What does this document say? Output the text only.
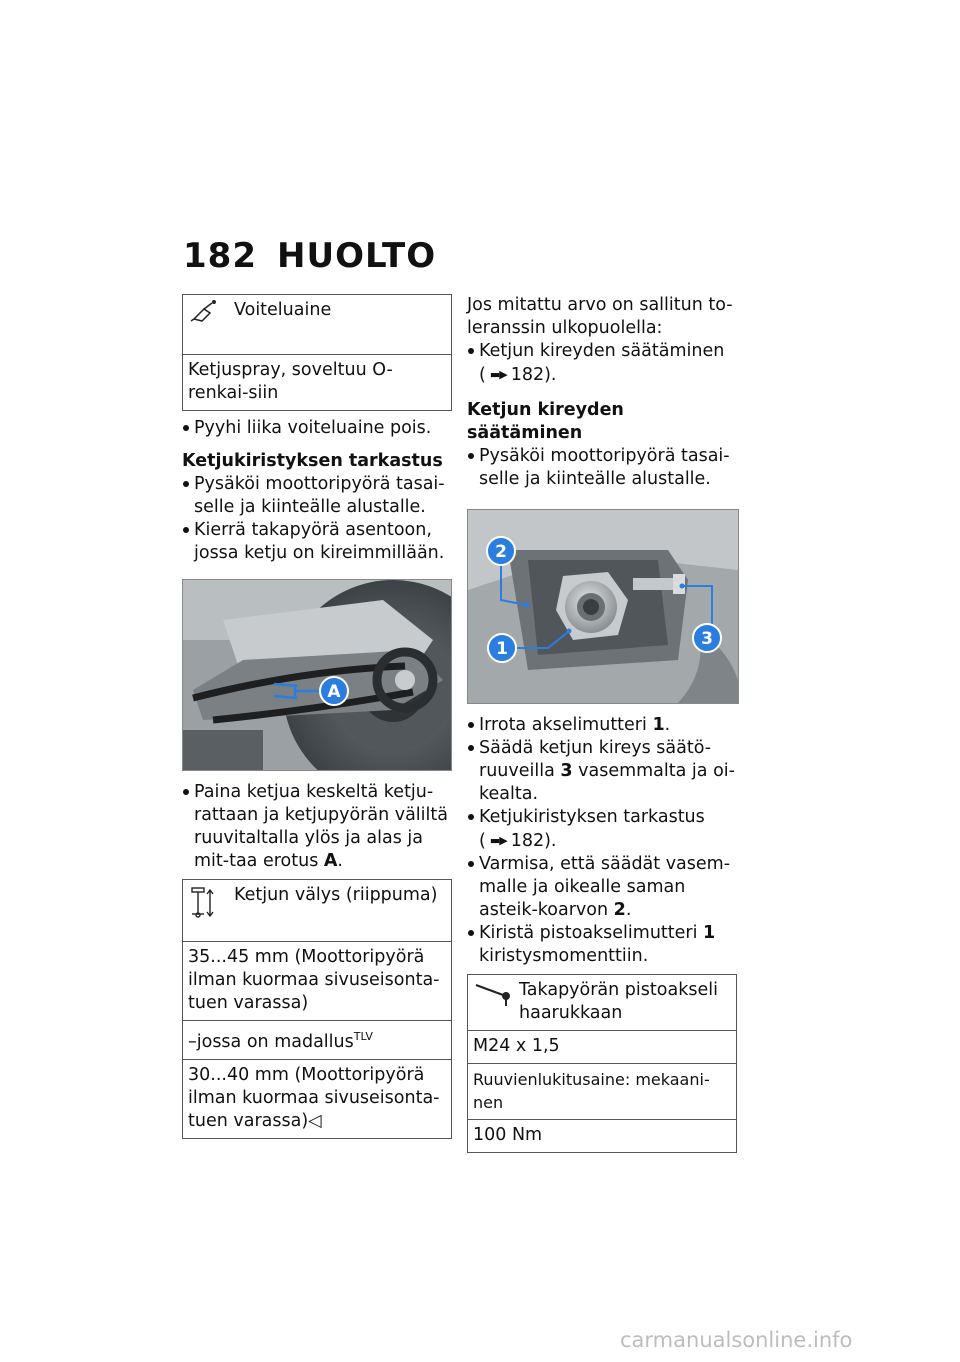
182 HUOLTO
Voiteluaine

Ketjuspray, soveltuu O-renkai-siin

Pyyhi liika voiteluaine pois.

Ketjukiristyksen tarkastus

Pysäköi moottoripyörä tasai-selle ja kiinteälle alustalle.

Kierrä takapyörä asentoon, jossa ketju on kireimmillään.

A

Paina ketjua keskeltä ketju-rattaan ja ketjupyörän väliltä ruuvitaltalla ylös ja alas ja mit-taa erotus A.

Ketjun välys (riippuma)

35...45 mm (Moottoripyörä ilman kuormaa sivuseisonta-tuen varassa)
–jossa on madallus$^{TLV}$
30...40 mm (Moottoripyörä ilman kuormaa sivuseisonta-tuen varassa)◁

Jos mitattu arvo on sallitun to-leranssin ulkopuolella:

Ketjun kireyden säätäminen
( ▬▶ 182).

Ketjun kireyden säätäminen

Pysäköi moottoripyörä tasai-selle ja kiinteälle alustalle.

2
1	3

Irrota akselimutteri 1.

Säädä ketjun kireys säätö-ruuveilla 3 vasemmalta ja oi-kealta.

Ketjukiristyksen tarkastus
( ▬▶ 182).

Varmisa, että säädät vasem-malle ja oikealle saman asteik-koarvon 2.

Kiristä pistoakselimutteri 1
kiristysmomenttiin.

Takapyörän pistoakseli haarukkaan

M24 x 1,5
Ruuvienlukitusaine: mekaani-nen
100 Nm
carmanualsonline.info
